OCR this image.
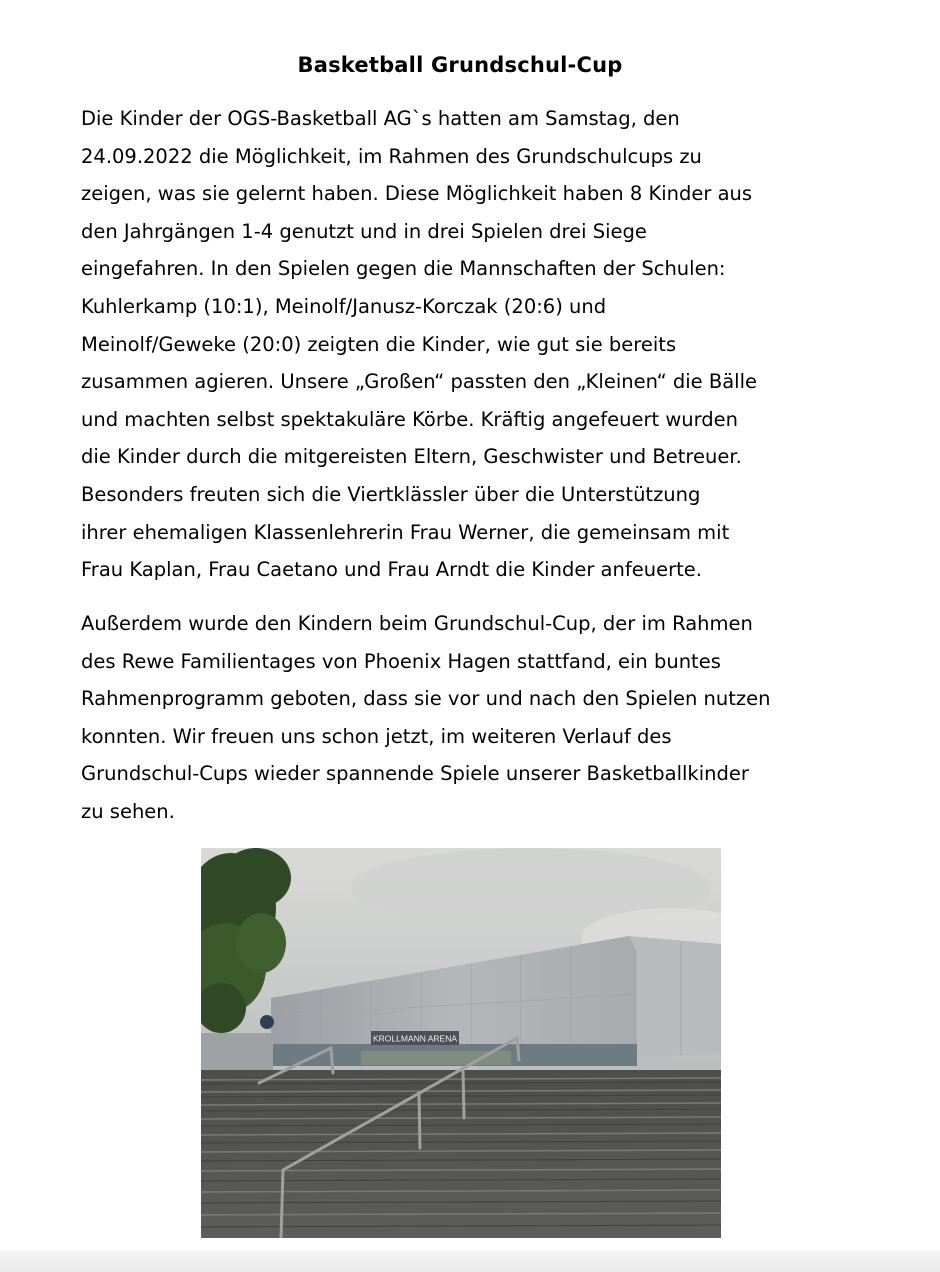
Basketball Grundschul-Cup
Die Kinder der OGS-Basketball AG`s hatten am Samstag, den
24.09.2022 die Möglichkeit, im Rahmen des Grundschulcups zu
zeigen, was sie gelernt haben. Diese Möglichkeit haben 8 Kinder aus
den Jahrgängen 1-4 genutzt und in drei Spielen drei Siege
eingefahren. In den Spielen gegen die Mannschaften der Schulen:
Kuhlerkamp (10:1), Meinolf/Janusz-Korczak (20:6) und
Meinolf/Geweke (20:0) zeigten die Kinder, wie gut sie bereits
zusammen agieren. Unsere „Großen“ passten den „Kleinen“ die Bälle
und machten selbst spektakuläre Körbe. Kräftig angefeuert wurden
die Kinder durch die mitgereisten Eltern, Geschwister und Betreuer.
Besonders freuten sich die Viertklässler über die Unterstützung
ihrer ehemaligen Klassenlehrerin Frau Werner, die gemeinsam mit
Frau Kaplan, Frau Caetano und Frau Arndt die Kinder anfeuerte.
Außerdem wurde den Kindern beim Grundschul-Cup, der im Rahmen
des Rewe Familientages von Phoenix Hagen stattfand, ein buntes
Rahmenprogramm geboten, dass sie vor und nach den Spielen nutzen
konnten. Wir freuen uns schon jetzt, im weiteren Verlauf des
Grundschul-Cups wieder spannende Spiele unserer Basketballkinder
zu sehen.
KROLLMANN ARENA
